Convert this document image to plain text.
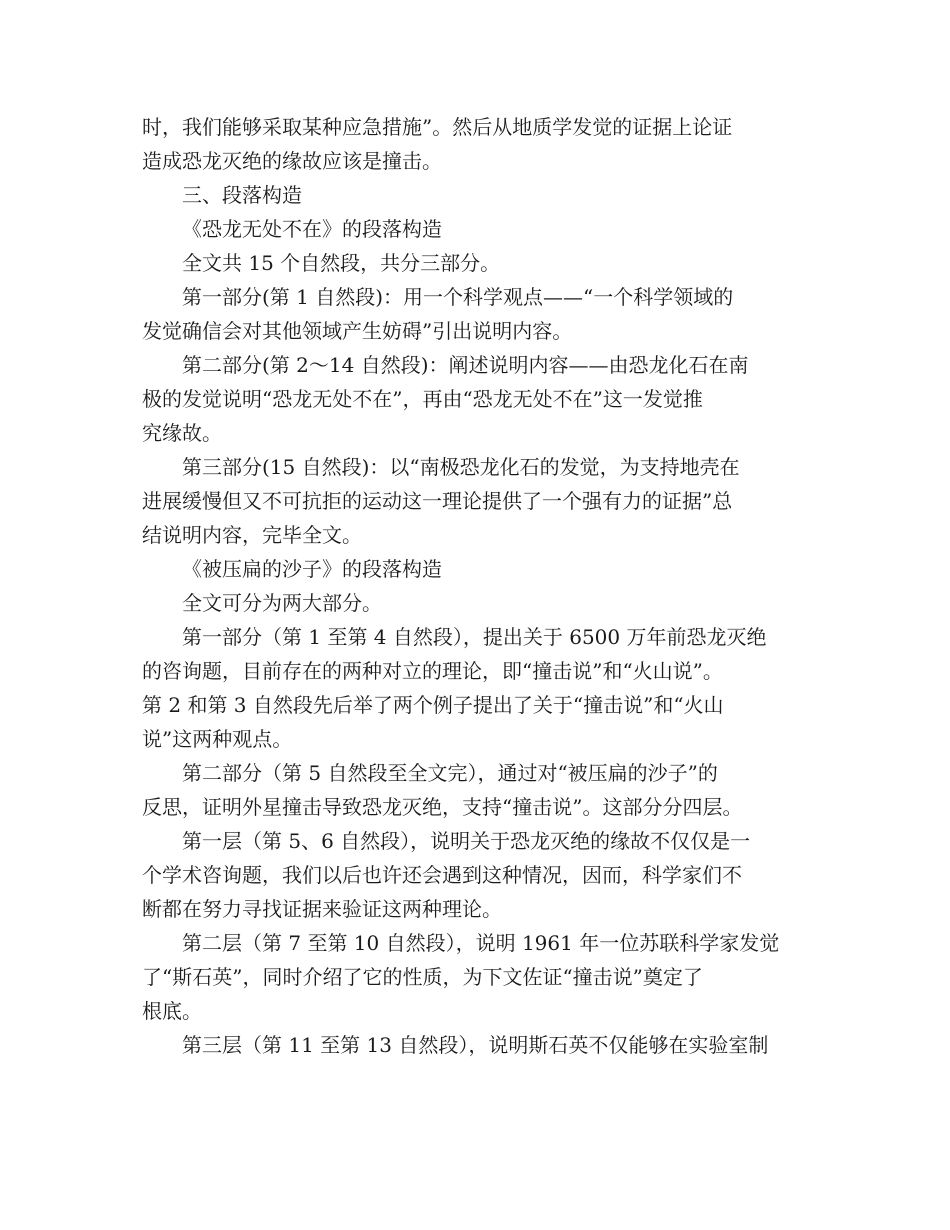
时，我们能够采取某种应急措施”。然后从地质学发觉的证据上论证
造成恐龙灭绝的缘故应该是撞击。
三、段落构造
《恐龙无处不在》的段落构造
全文共 15 个自然段，共分三部分。
第一部分(第 1 自然段)：用一个科学观点——“一个科学领域的
发觉确信会对其他领域产生妨碍”引出说明内容。
第二部分(第 2～14 自然段)：阐述说明内容——由恐龙化石在南
极的发觉说明“恐龙无处不在”，再由“恐龙无处不在”这一发觉推
究缘故。
第三部分(15 自然段)：以“南极恐龙化石的发觉，为支持地壳在
进展缓慢但又不可抗拒的运动这一理论提供了一个强有力的证据”总
结说明内容，完毕全文。
《被压扁的沙子》的段落构造
全文可分为两大部分。
第一部分（第 1 至第 4 自然段），提出关于 6500 万年前恐龙灭绝
的咨询题，目前存在的两种对立的理论，即“撞击说”和“火山说”。
第 2 和第 3 自然段先后举了两个例子提出了关于“撞击说”和“火山
说”这两种观点。
第二部分（第 5 自然段至全文完），通过对“被压扁的沙子”的
反思，证明外星撞击导致恐龙灭绝，支持“撞击说”。这部分分四层。
第一层（第 5、6 自然段），说明关于恐龙灭绝的缘故不仅仅是一
个学术咨询题，我们以后也许还会遇到这种情况，因而，科学家们不
断都在努力寻找证据来验证这两种理论。
第二层（第 7 至第 10 自然段），说明 1961 年一位苏联科学家发觉
了“斯石英”，同时介绍了它的性质，为下文佐证“撞击说”奠定了
根底。
第三层（第 11 至第 13 自然段），说明斯石英不仅能够在实验室制
